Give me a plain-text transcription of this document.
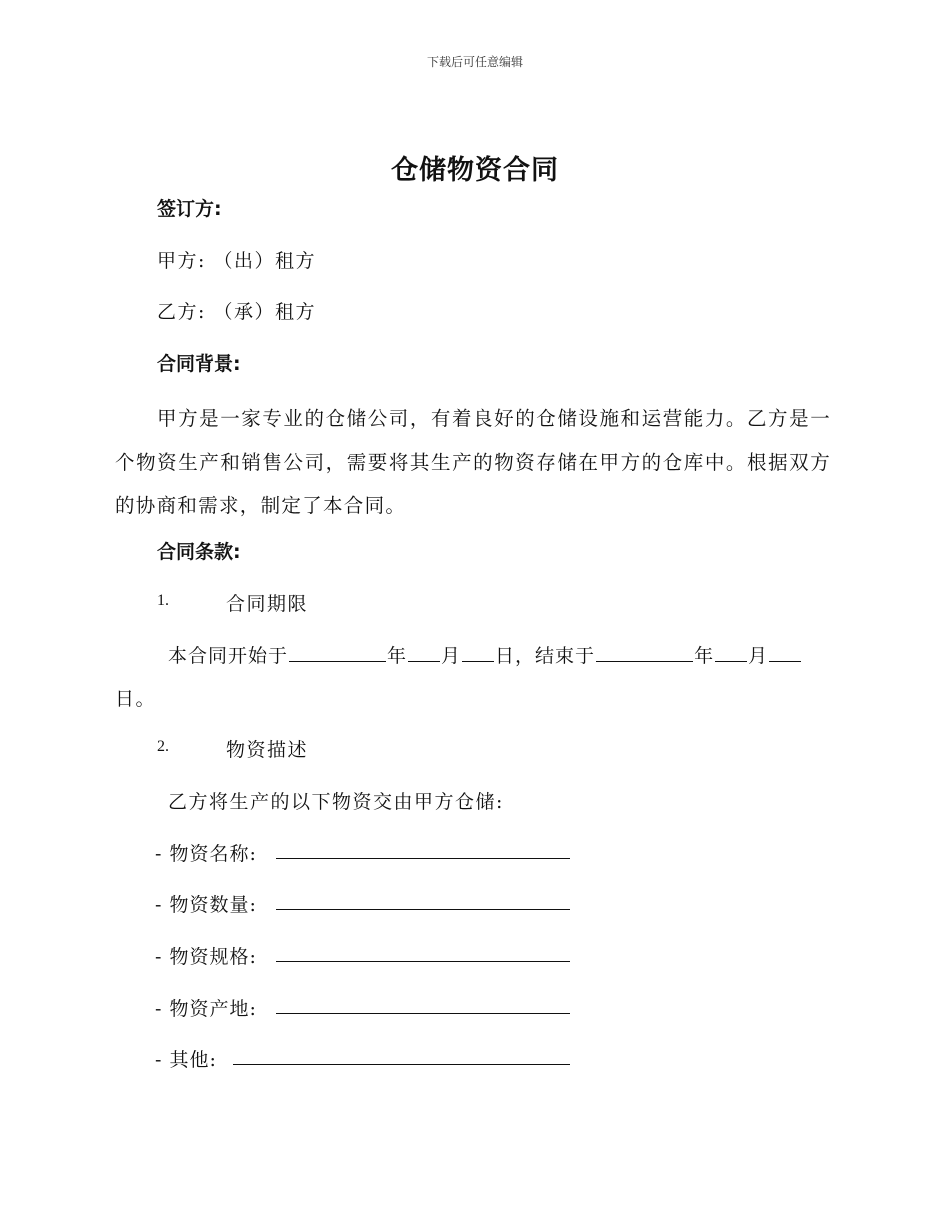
下载后可任意编辑
仓储物资合同
签订方:
甲方: （出）租方
乙方: （承）租方
合同背景:
甲方是一家专业的仓储公司，有着良好的仓储设施和运营能力。乙方是一个物资生产和销售公司，需要将其生产的物资存储在甲方的仓库中。根据双方的协商和需求，制定了本合同。
合同条款:
1.	合同期限
本合同开始于	年 月 日，结束于	年 月
日。
2.	物资描述
乙方将生产的以下物资交由甲方仓储:
- 物资名称:
- 物资数量:
- 物资规格:
- 物资产地:
- 其他:
